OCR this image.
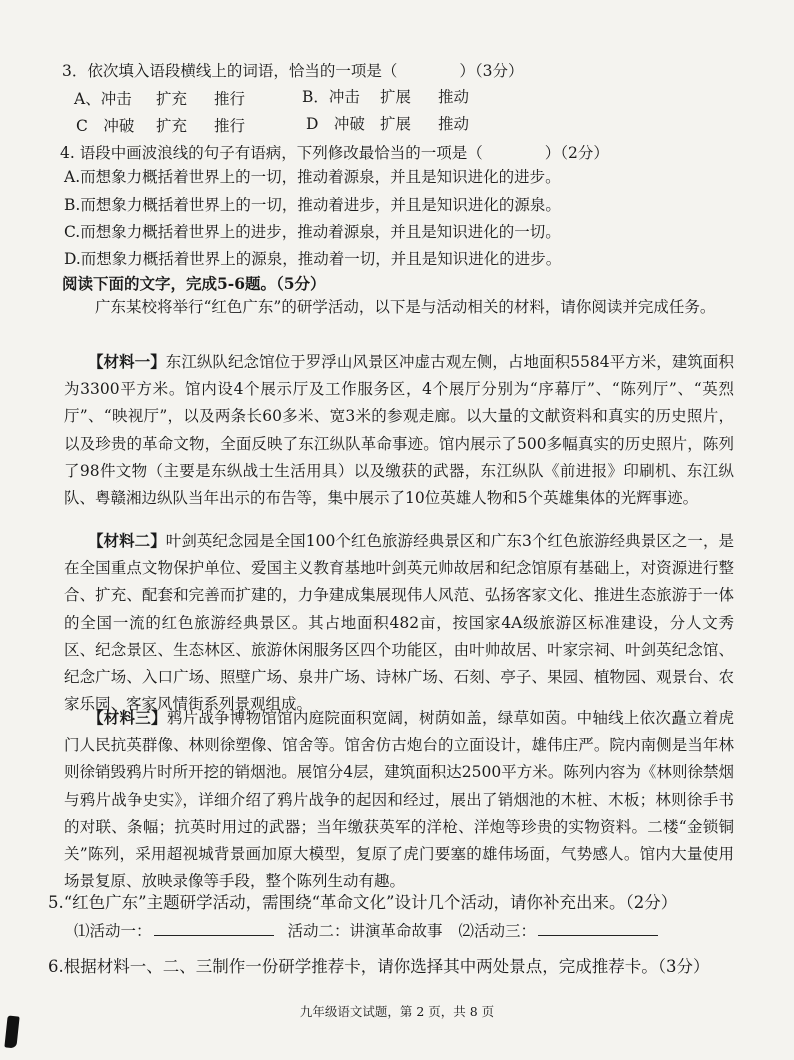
3．依次填入语段横线上的词语，恰当的一项是（　　　　）（3分）
A、冲击 扩充 推行	B．冲击 扩展 推动
C　冲破 扩充 推行	D　冲破 扩展 推动
4. 语段中画波浪线的句子有语病，下列修改最恰当的一项是（　　　　）（2分）
A.而想象力概括着世界上的一切，推动着源泉，并且是知识进化的进步。
B.而想象力概括着世界上的一切，推动着进步，并且是知识进化的源泉。
C.而想象力概括着世界上的进步，推动着源泉，并且是知识进化的一切。
D.而想象力概括着世界上的源泉，推动着一切，并且是知识进化的进步。
阅读下面的文字，完成5-6题。（5分）
广东某校将举行“红色广东”的研学活动，以下是与活动相关的材料，请你阅读并完成任务。
【材料一】东江纵队纪念馆位于罗浮山风景区冲虚古观左侧，占地面积5584平方米，建筑面积为3300平方米。馆内设4个展示厅及工作服务区，4个展厅分别为“序幕厅”、“陈列厅”、“英烈厅”、“映视厅”，以及两条长60多米、宽3米的参观走廊。以大量的文献资料和真实的历史照片，以及珍贵的革命文物，全面反映了东江纵队革命事迹。馆内展示了500多幅真实的历史照片，陈列了98件文物（主要是东纵战士生活用具）以及缴获的武器，东江纵队《前进报》印刷机、东江纵队、粤赣湘边纵队当年出示的布告等，集中展示了10位英雄人物和5个英雄集体的光辉事迹。
【材料二】叶剑英纪念园是全国100个红色旅游经典景区和广东3个红色旅游经典景区之一，是在全国重点文物保护单位、爱国主义教育基地叶剑英元帅故居和纪念馆原有基础上，对资源进行整合、扩充、配套和完善而扩建的，力争建成集展现伟人风范、弘扬客家文化、推进生态旅游于一体的全国一流的红色旅游经典景区。其占地面积482亩，按国家4A级旅游区标准建设，分人文秀区、纪念景区、生态林区、旅游休闲服务区四个功能区，由叶帅故居、叶家宗祠、叶剑英纪念馆、纪念广场、入口广场、照壁广场、泉井广场、诗林广场、石刻、亭子、果园、植物园、观景台、农家乐园、客家风情街系列景观组成。
【材料三】鸦片战争博物馆馆内庭院面积宽阔，树荫如盖，绿草如茵。中轴线上依次矗立着虎门人民抗英群像、林则徐塑像、馆舍等。馆舍仿古炮台的立面设计，雄伟庄严。院内南侧是当年林则徐销毁鸦片时所开挖的销烟池。展馆分4层，建筑面积达2500平方米。陈列内容为《林则徐禁烟与鸦片战争史实》，详细介绍了鸦片战争的起因和经过，展出了销烟池的木桩、木板；林则徐手书的对联、条幅；抗英时用过的武器；当年缴获英军的洋枪、洋炮等珍贵的实物资料。二楼“金锁铜关”陈列，采用超视城背景画加原大模型，复原了虎门要塞的雄伟场面，气势感人。馆内大量使用场景复原、放映录像等手段，整个陈列生动有趣。
5.“红色广东”主题研学活动，需围绕“革命文化”设计几个活动，请你补充出来。（2分）
⑴活动一：	活动二：讲演革命故事 ⑵活动三：
6.根据材料一、二、三制作一份研学推荐卡，请你选择其中两处景点，完成推荐卡。（3分）
九年级语文试题，第 2 页，共 8 页
